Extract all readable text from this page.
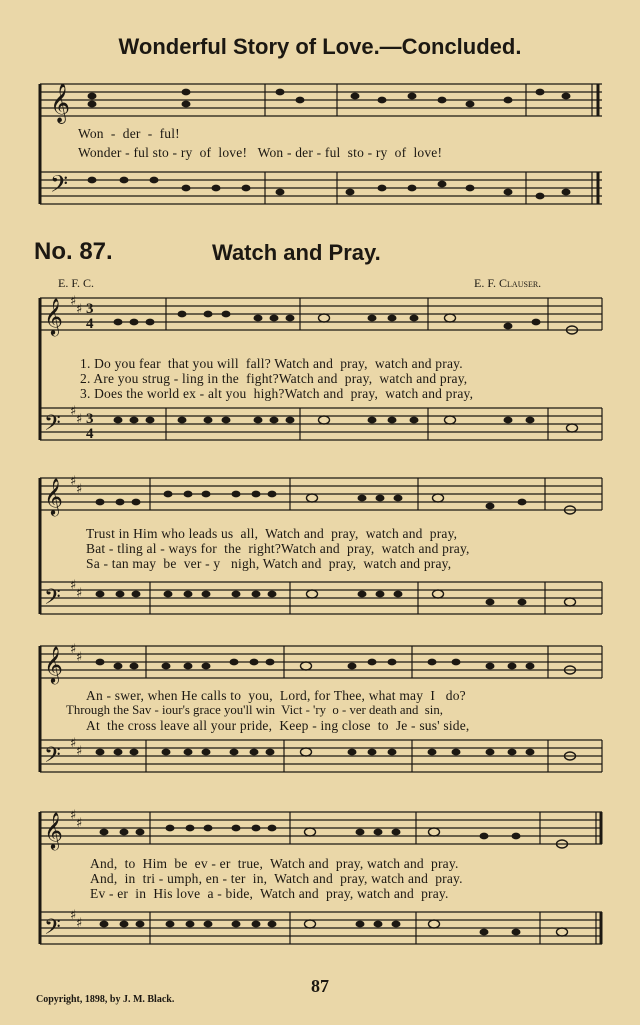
Wonderful Story of Love.—Concluded.
𝄞
𝄢
Won  -  der  -  ful!
Wonder - ful sto - ry  of  love!   Won - der - ful  sto - ry  of  love!
No. 87.	Watch and Pray.
E. F. C.	E. F. Clauser.
𝄞
𝄢
𝄞
𝄢
𝄞
𝄢
𝄞
𝄢
♯
♯
♯
♯
♯
♯
♯
♯
♯
♯
♯
♯
♯
♯
♯
♯
3
4
3
4
1. Do you fear  that you will  fall? Watch and  pray,  watch and pray.
2. Are you strug - ling in the  fight?Watch and  pray,  watch and pray,
3. Does the world ex - alt you  high?Watch and  pray,  watch and pray,
Trust in Him who leads us  all,  Watch and  pray,  watch and  pray,
Bat - tling al - ways for  the  right?Watch and  pray,  watch and pray,
Sa - tan may  be  ver - y   nigh, Watch and  pray,  watch and pray,
An - swer, when He calls to  you,  Lord, for Thee, what may  I   do?
Through the Sav - iour's grace you'll win  Vict - 'ry  o - ver death and  sin,
At  the cross leave all your pride,  Keep - ing close  to  Je - sus' side,
And,  to  Him  be  ev - er  true,  Watch and  pray, watch and  pray.
And,  in  tri - umph, en - ter  in,  Watch and  pray, watch and  pray.
Ev - er  in  His love  a - bide,  Watch and  pray, watch and  pray.
87
Copyright, 1898, by J. M. Black.
